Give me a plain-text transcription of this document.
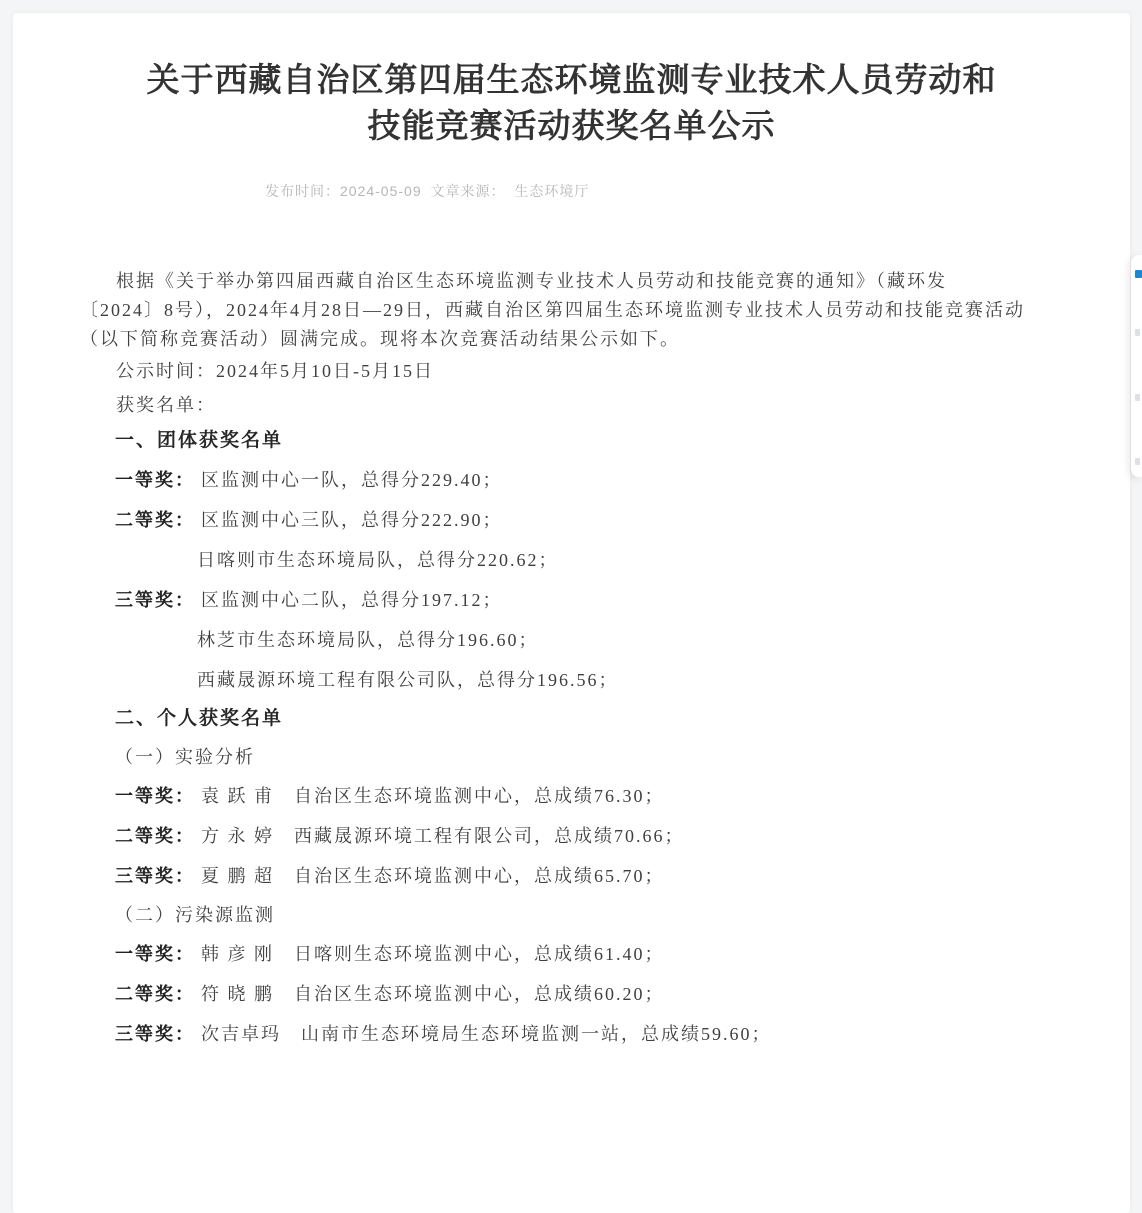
关于西藏自治区第四届生态环境监测专业技术人员劳动和技能竞赛活动获奖名单公示
发布时间：2024-05-09 文章来源： 生态环境厅
根据《关于举办第四届西藏自治区生态环境监测专业技术人员劳动和技能竞赛的通知》（藏环发
〔2024〕8号），2024年4月28日—29日，西藏自治区第四届生态环境监测专业技术人员劳动和技能竞赛活动
（以下简称竞赛活动）圆满完成。现将本次竞赛活动结果公示如下。
公示时间：2024年5月10日-5月15日
获奖名单：
一、团体获奖名单
一等奖： 区监测中心一队，总得分229.40；
二等奖： 区监测中心三队，总得分222.90；
日喀则市生态环境局队，总得分220.62；
三等奖： 区监测中心二队，总得分197.12；
林芝市生态环境局队，总得分196.60；
西藏晟源环境工程有限公司队，总得分196.56；
二、个人获奖名单
（一）实验分析
一等奖： 袁 跃 甫　自治区生态环境监测中心，总成绩76.30；
二等奖： 方 永 婷　西藏晟源环境工程有限公司，总成绩70.66；
三等奖： 夏 鹏 超　自治区生态环境监测中心，总成绩65.70；
（二）污染源监测
一等奖： 韩 彦 刚　日喀则生态环境监测中心，总成绩61.40；
二等奖： 符 晓 鹏　自治区生态环境监测中心，总成绩60.20；
三等奖： 次吉卓玛　山南市生态环境局生态环境监测一站，总成绩59.60；
